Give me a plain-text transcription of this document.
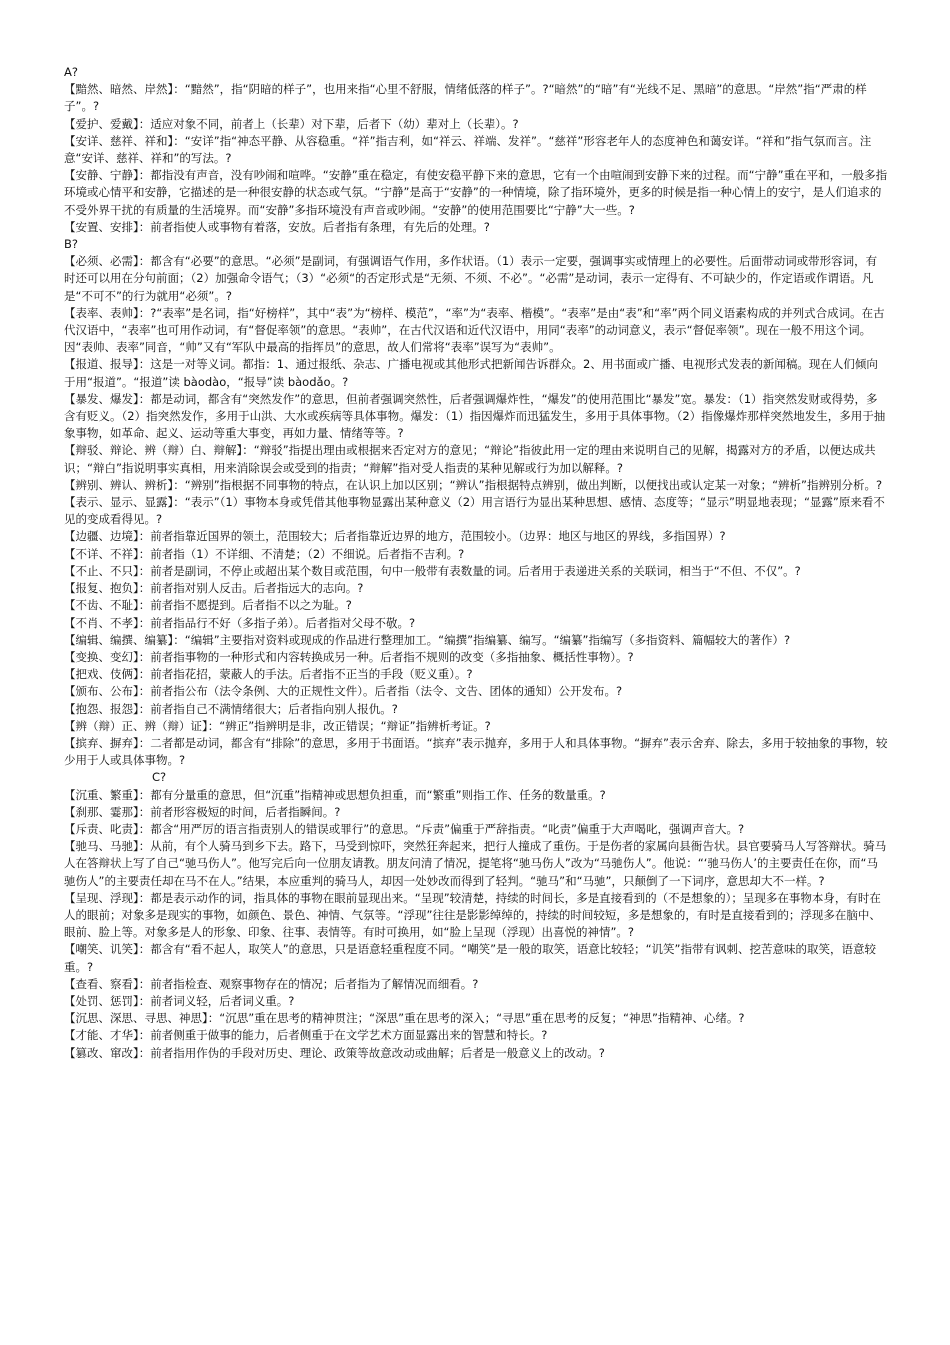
A?

【黯然、暗然、岸然】：“黯然”，指“阴暗的样子”，也用来指“心里不舒服，情绪低落的样子”。?“暗然”的“暗”有“光线不足、黑暗”的意思。“岸然”指“严肃的样子”。?

【爱护、爱戴】：适应对象不同，前者上（长辈）对下辈，后者下（幼）辈对上（长辈）。?

【安详、慈祥、祥和】：“安详”指“神态平静、从容稳重。“祥”指吉利，如“祥云、祥端、发祥”。“慈祥”形容老年人的态度神色和蔼安详。“祥和”指气氛而言。注意“安详、慈祥、祥和”的写法。?

【安静、宁静】：都指没有声音，没有吵闹和喧哗。“安静”重在稳定，有使安稳平静下来的意思，它有一个由喧闹到安静下来的过程。而“宁静”重在平和，一般多指环境或心情平和安静，它描述的是一种很安静的状态或气氛。“宁静”是高于“安静”的一种情境，除了指环境外，更多的时候是指一种心情上的安宁，是人们追求的不受外界干扰的有质量的生活境界。而“安静”多指环境没有声音或吵闹。“安静”的使用范围要比“宁静”大一些。?

【安置、安排】：前者指使人或事物有着落，安放。后者指有条理，有先后的处理。?

B?

【必须、必需】：都含有“必要”的意思。“必须”是副词，有强调语气作用，多作状语。（1）表示一定要，强调事实或情理上的必要性。后面带动词或带形容词，有时还可以用在分句前面；（2）加强命令语气；（3）“必须“的否定形式是“无须、不须、不必”。“必需”是动词，表示一定得有、不可缺少的，作定语或作谓语。凡是“不可不”的行为就用“必须”。?

【表率、表帅】：?“表率”是名词，指“好榜样”，其中“表”为“榜样、模范”，“率”为“表率、楷模”。“表率”是由“表”和“率”两个同义语素构成的并列式合成词。在古代汉语中，“表率”也可用作动词，有“督促率领”的意思。“表帅”，在古代汉语和近代汉语中，用同“表率”的动词意义，表示“督促率领”。现在一般不用这个词。因“表帅、表率”同音，“帅”又有“军队中最高的指挥员”的意思，故人们常将“表率”误写为“表帅”。

【报道、报导】：这是一对等义词。都指：1、通过报纸、杂志、广播电视或其他形式把新闻告诉群众。2、用书面或广播、电视形式发表的新闻稿。现在人们倾向于用“报道”。“报道”读 bàodào，“报导”读 bàodǎo。?

【暴发、爆发】：都是动词，都含有“突然发作”的意思，但前者强调突然性，后者强调爆炸性，“爆发”的使用范围比“暴发”宽。暴发：（1）指突然发财或得势，多含有贬义。（2）指突然发作，多用于山洪、大水或疾病等具体事物。爆发：（1）指因爆炸而迅猛发生，多用于具体事物。（2）指像爆炸那样突然地发生，多用于抽象事物，如革命、起义、运动等重大事变，再如力量、情绪等等。?

【辩驳、辩论、辨（辩）白、辩解】：“辩驳”指提出理由或根据来否定对方的意见；“辩论”指彼此用一定的理由来说明自己的见解，揭露对方的矛盾，以便达成共识；“辩白”指说明事实真相，用来消除误会或受到的指责；“辩解”指对受人指责的某种见解或行为加以解释。?

【辨别、辨认、辨析】：“辨别”指根据不同事物的特点，在认识上加以区别；“辨认”指根据特点辨别，做出判断，以便找出或认定某一对象；“辨析”指辨别分析。?

【表示、显示、显露】：“表示”（1）事物本身或凭借其他事物显露出某种意义（2）用言语行为显出某种思想、感情、态度等；“显示”明显地表现；“显露”原来看不见的变成看得见。?

【边疆、边境】：前者指靠近国界的领土，范围较大；后者指靠近边界的地方，范围较小。（边界：地区与地区的界线，多指国界）?

【不详、不祥】：前者指（1）不详细、不清楚；（2）不细说。后者指不吉利。?

【不止、不只】：前者是副词，不停止或超出某个数目或范围，句中一般带有表数量的词。后者用于表递进关系的关联词，相当于“不但、不仅”。?

【报复、抱负】：前者指对别人反击。后者指远大的志向。?

【不齿、不耻】：前者指不愿提到。后者指不以之为耻。?

【不肖、不孝】：前者指品行不好（多指子弟）。后者指对父母不敬。?

【编辑、编撰、编纂】：“编辑”主要指对资料或现成的作品进行整理加工。“编撰”指编纂、编写。“编纂”指编写（多指资料、篇幅较大的著作）?

【变换、变幻】：前者指事物的一种形式和内容转换成另一种。后者指不规则的改变（多指抽象、概括性事物）。?

【把戏、伎俩】：前者指花招，蒙蔽人的手法。后者指不正当的手段（贬义重）。?

【颁布、公布】：前者指公布（法令条例、大的正规性文件）。后者指（法令、文告、团体的通知）公开发布。?

【抱怨、报怨】：前者指自己不满情绪很大；后者指向别人报仇。?

【辨（辩）正、辨（辩）证】：“辨正”指辨明是非，改正错误；“辩证”指辨析考证。?

【摈弃、摒弃】：二者都是动词，都含有“排除”的意思，多用于书面语。“摈弃”表示抛弃，多用于人和具体事物。“摒弃”表示舍弃、除去，多用于较抽象的事物，较少用于人或具体事物。?

C?

【沉重、繁重】：都有分量重的意思，但“沉重”指精神或思想负担重，而“繁重”则指工作、任务的数量重。?

【刹那、霎那】：前者形容极短的时间，后者指瞬间。?

【斥责、叱责】：都含“用严厉的语言指责别人的错误或罪行”的意思。“斥责”偏重于严辞指责。“叱责”偏重于大声喝叱，强调声音大。?

【驰马、马驰】：从前，有个人骑马到乡下去。路下，马受到惊吓，突然狂奔起来，把行人撞成了重伤。于是伤者的家属向县衙告状。县官要骑马人写答辩状。骑马人在答辩状上写了自己“驰马伤人”。他写完后向一位朋友请教。朋友问清了情况，提笔将“驰马伤人”改为“马驰伤人”。他说：“‘驰马伤人’的主要责任在你，而“马驰伤人”的主要责任却在马不在人。”结果，本应重判的骑马人，却因一处妙改而得到了轻判。“驰马”和“马驰”，只颠倒了一下词序，意思却大不一样。?

【呈现、浮现】：都是表示动作的词，指具体的事物在眼前显现出来。“呈现”较清楚，持续的时间长，多是直接看到的（不是想象的）；呈现多在事物本身，有时在人的眼前；对象多是现实的事物，如颜色、景色、神情、气氛等。“浮现”往往是影影绰绰的，持续的时间较短，多是想象的，有时是直接看到的；浮现多在脑中、眼前、脸上等。对象多是人的形象、印象、往事、表情等。有时可换用，如“脸上呈现（浮现）出喜悦的神情”。?

【嘲笑、讥笑】：都含有“看不起人，取笑人”的意思，只是语意轻重程度不同。“嘲笑”是一般的取笑，语意比较轻；“讥笑”指带有讽刺、挖苦意味的取笑，语意较重。?

【查看、察看】：前者指检查、观察事物存在的情况；后者指为了解情况而细看。?

【处罚、惩罚】：前者词义轻，后者词义重。?

【沉思、深思、寻思、神思】：“沉思”重在思考的精神贯注；“深思”重在思考的深入；“寻思”重在思考的反复；“神思”指精神、心绪。?

【才能、才华】：前者侧重于做事的能力，后者侧重于在文学艺术方面显露出来的智慧和特长。?

【篡改、窜改】：前者指用作伪的手段对历史、理论、政策等故意改动或曲解；后者是一般意义上的改动。?
